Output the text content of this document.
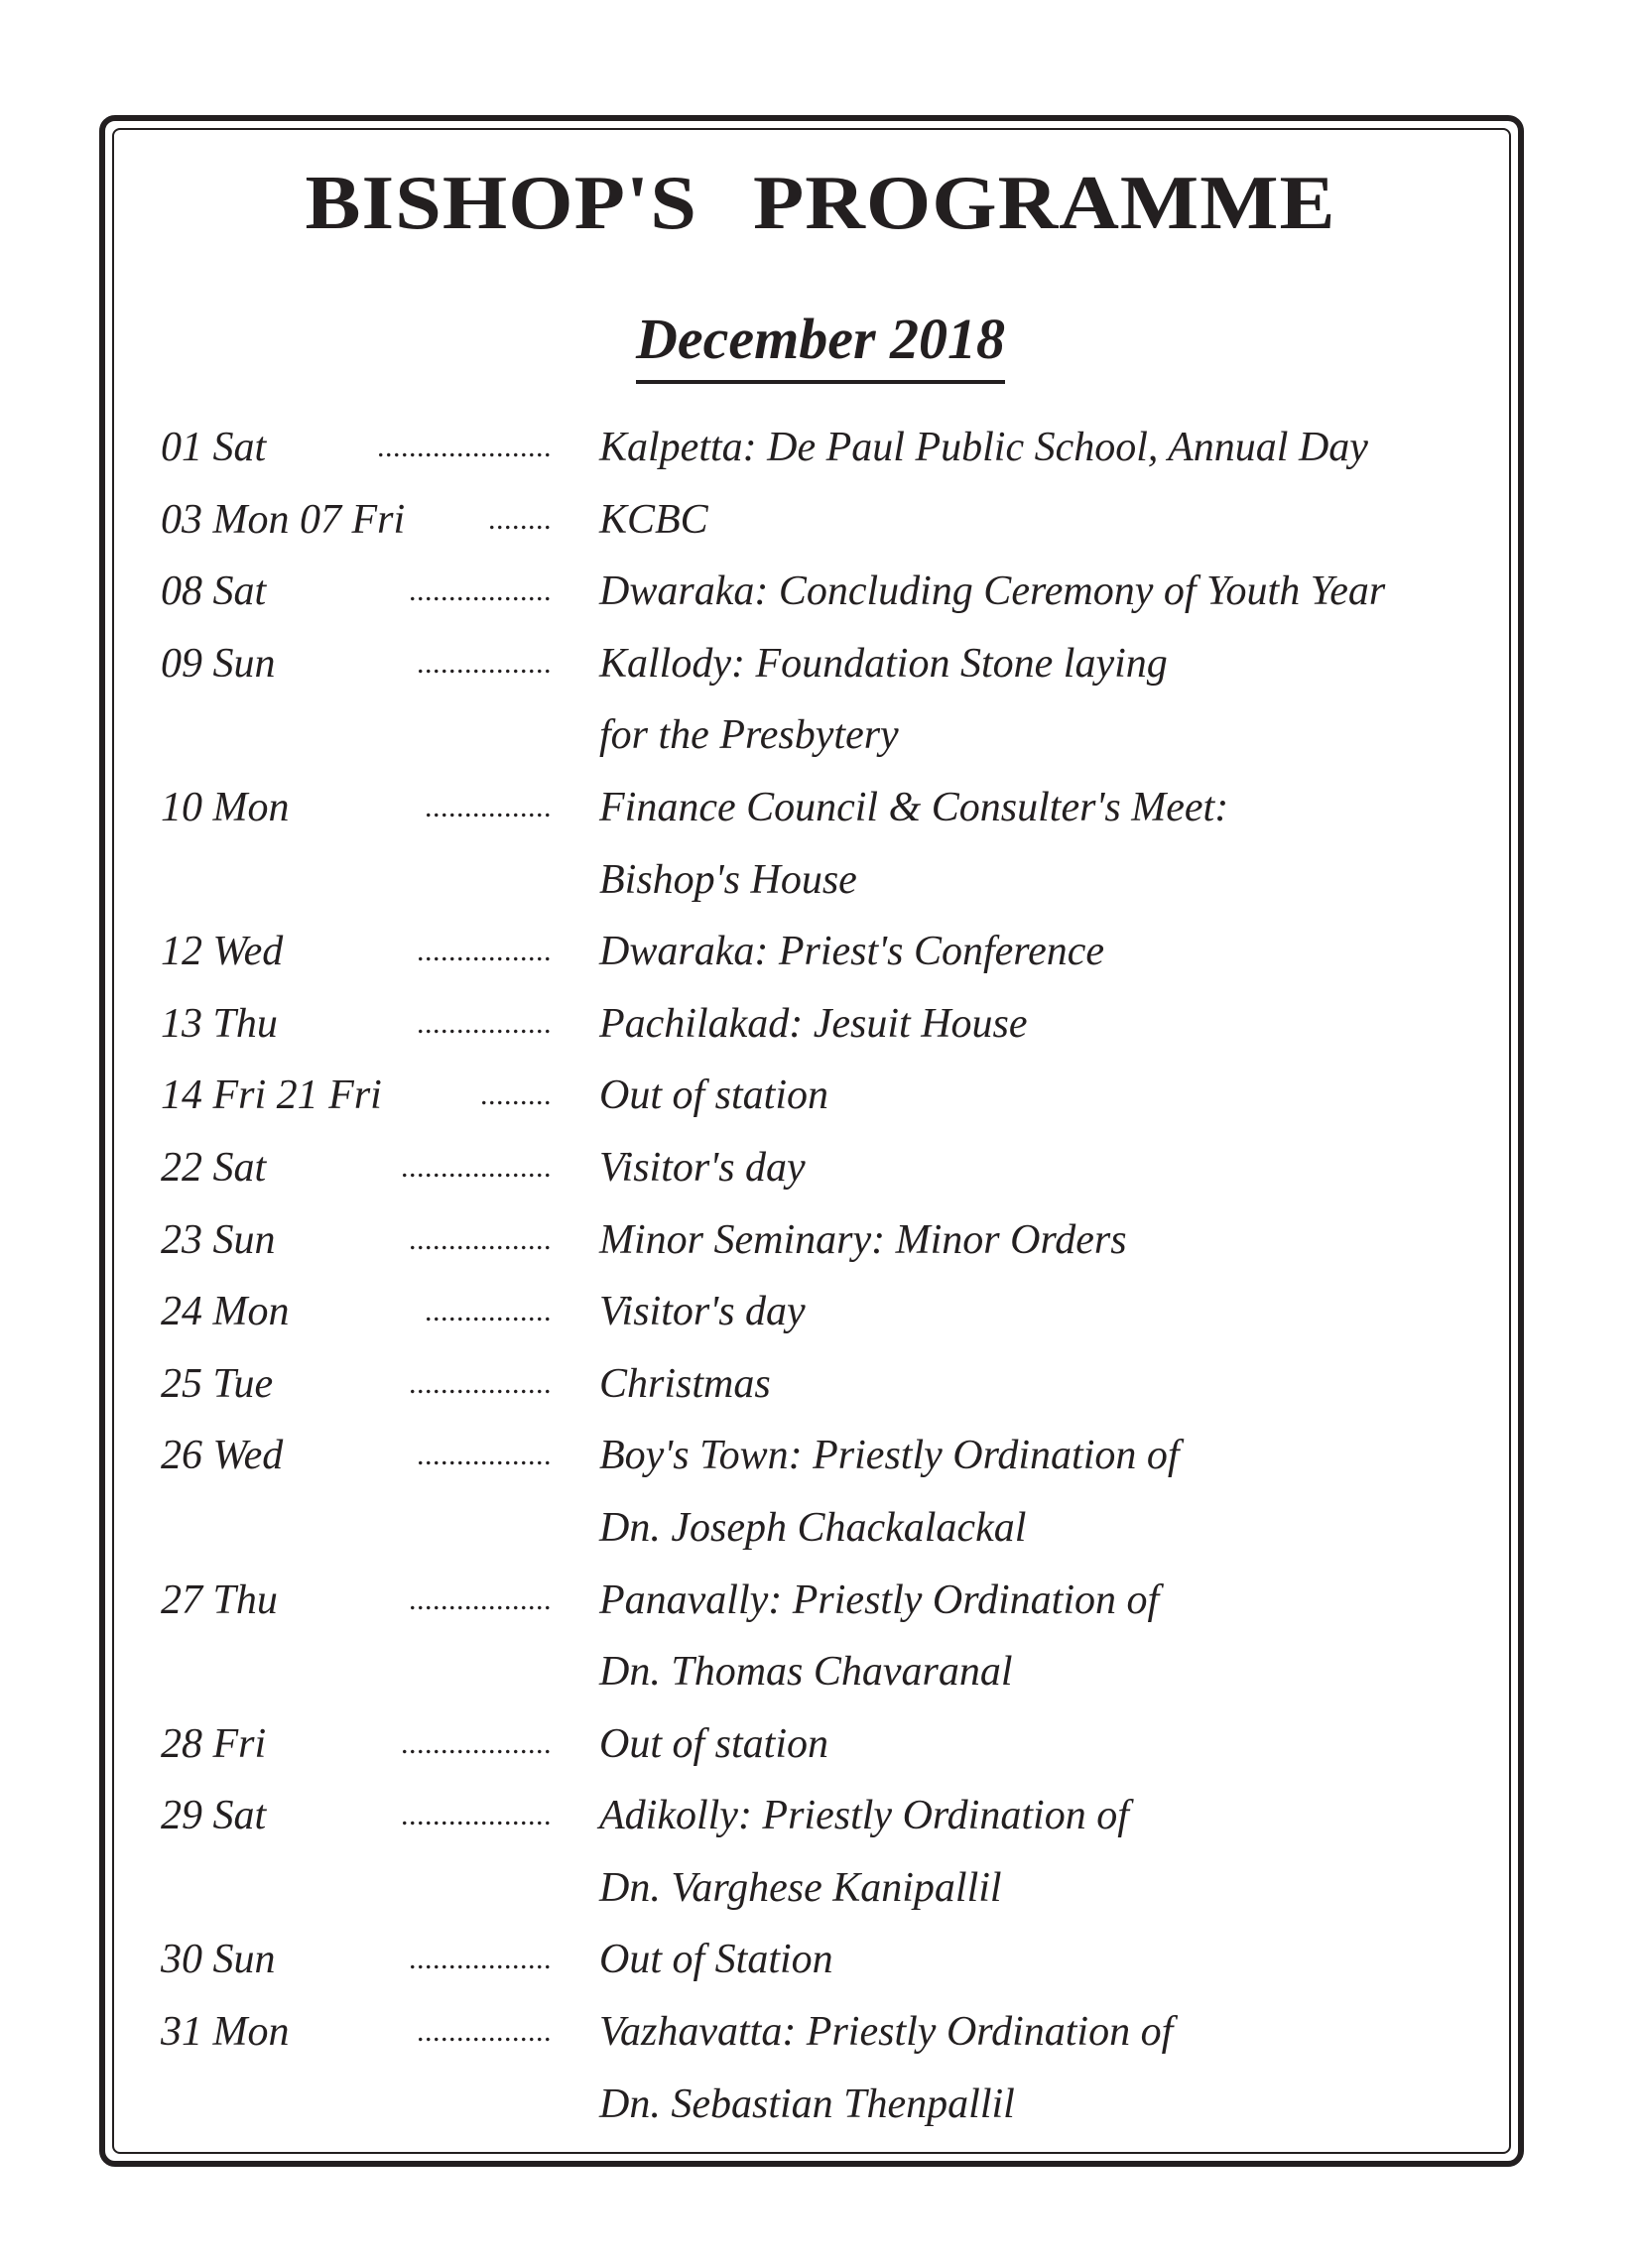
BISHOP'S PROGRAMME
December 2018
01 Sat	...................... Kalpetta: De Paul Public School, Annual Day
03 Mon 07 Fri	........ KCBC
08 Sat	.................. Dwaraka: Concluding Ceremony of Youth Year
09 Sun	................. Kallody: Foundation Stone laying
for the Presbytery
10 Mon	................ Finance Council & Consulter's Meet:
Bishop's House
12 Wed	................. Dwaraka: Priest's Conference
13 Thu	................. Pachilakad: Jesuit House
14 Fri 21 Fri	......... Out of station
22 Sat	................... Visitor's day
23 Sun	.................. Minor Seminary: Minor Orders
24 Mon	................ Visitor's day
25 Tue	.................. Christmas
26 Wed	................. Boy's Town: Priestly Ordination of
Dn. Joseph Chackalackal
27 Thu	.................. Panavally: Priestly Ordination of
Dn. Thomas Chavaranal
28 Fri	................... Out of station
29 Sat	................... Adikolly: Priestly Ordination of
Dn. Varghese Kanipallil
30 Sun	.................. Out of Station
31 Mon	................. Vazhavatta: Priestly Ordination of
Dn. Sebastian Thenpallil
